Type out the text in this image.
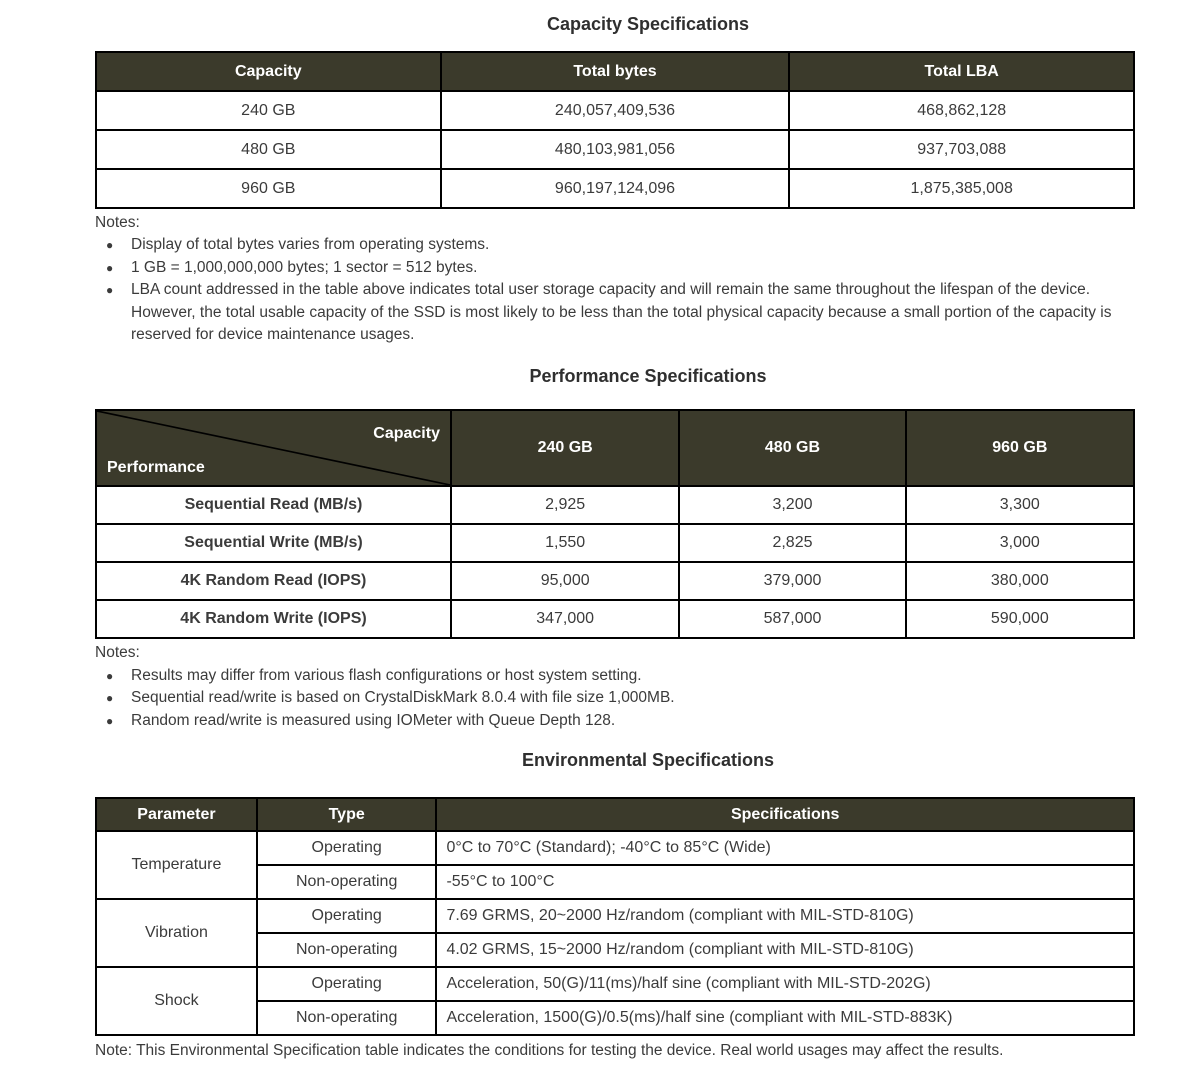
Capacity Specifications
Capacity	Total bytes	Total LBA
240 GB	240,057,409,536	468,862,128
480 GB	480,103,981,056	937,703,088
960 GB	960,197,124,096	1,875,385,008
Notes:
●	Display of total bytes varies from operating systems.
●	1 GB = 1,000,000,000 bytes; 1 sector = 512 bytes.
●	LBA count addressed in the table above indicates total user storage capacity and will remain the same throughout the lifespan of the device. However, the total usable capacity of the SSD is most likely to be less than the total physical capacity because a small portion of the capacity is reserved for device maintenance usages.
Performance Specifications
Capacity
Performance	240 GB	480 GB	960 GB
Sequential Read (MB/s)	2,925	3,200	3,300
Sequential Write (MB/s)	1,550	2,825	3,000
4K Random Read (IOPS)	95,000	379,000	380,000
4K Random Write (IOPS)	347,000	587,000	590,000
Notes:
●	Results may differ from various flash configurations or host system setting.
●	Sequential read/write is based on CrystalDiskMark 8.0.4 with file size 1,000MB.
●	Random read/write is measured using IOMeter with Queue Depth 128.
Environmental Specifications
Parameter	Type	Specifications
Temperature	Operating	0°C to 70°C (Standard); -40°C to 85°C (Wide)
	Non-operating	-55°C to 100°C
Vibration	Operating	7.69 GRMS, 20~2000 Hz/random (compliant with MIL-STD-810G)
	Non-operating	4.02 GRMS, 15~2000 Hz/random (compliant with MIL-STD-810G)
Shock	Operating	Acceleration, 50(G)/11(ms)/half sine (compliant with MIL-STD-202G)
	Non-operating	Acceleration, 1500(G)/0.5(ms)/half sine (compliant with MIL-STD-883K)
Note: This Environmental Specification table indicates the conditions for testing the device. Real world usages may affect the results.
